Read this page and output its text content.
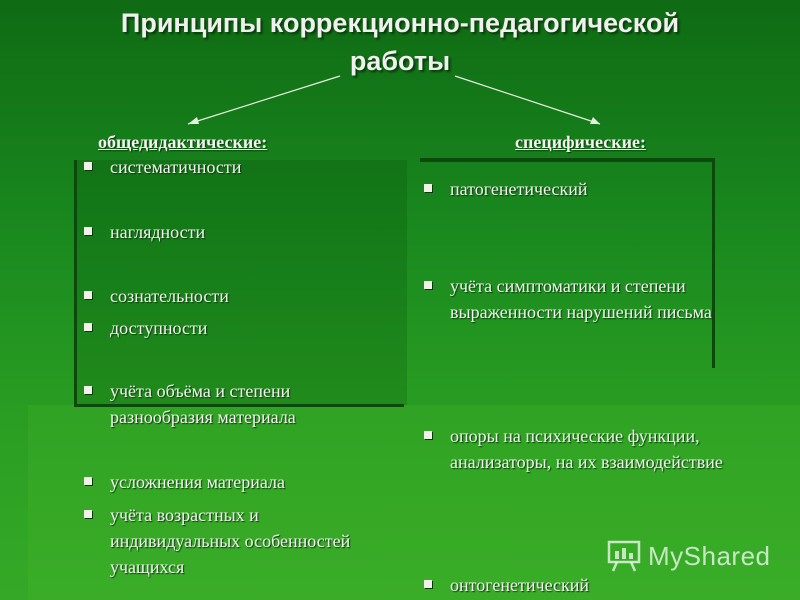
Принципы коррекционно-педагогической
работы
общедидактические:	специфические:
систематичности
наглядности
сознательности
доступности
учёта объёма и степени разнообразия материала
усложнения материала
учёта возрастных и индивидуальных особенностей учащихся
патогенетический
учёта симптоматики и степени выраженности нарушений письма
опоры на психические функции, анализаторы, на их взаимодействие
онтогенетический
MyShared
